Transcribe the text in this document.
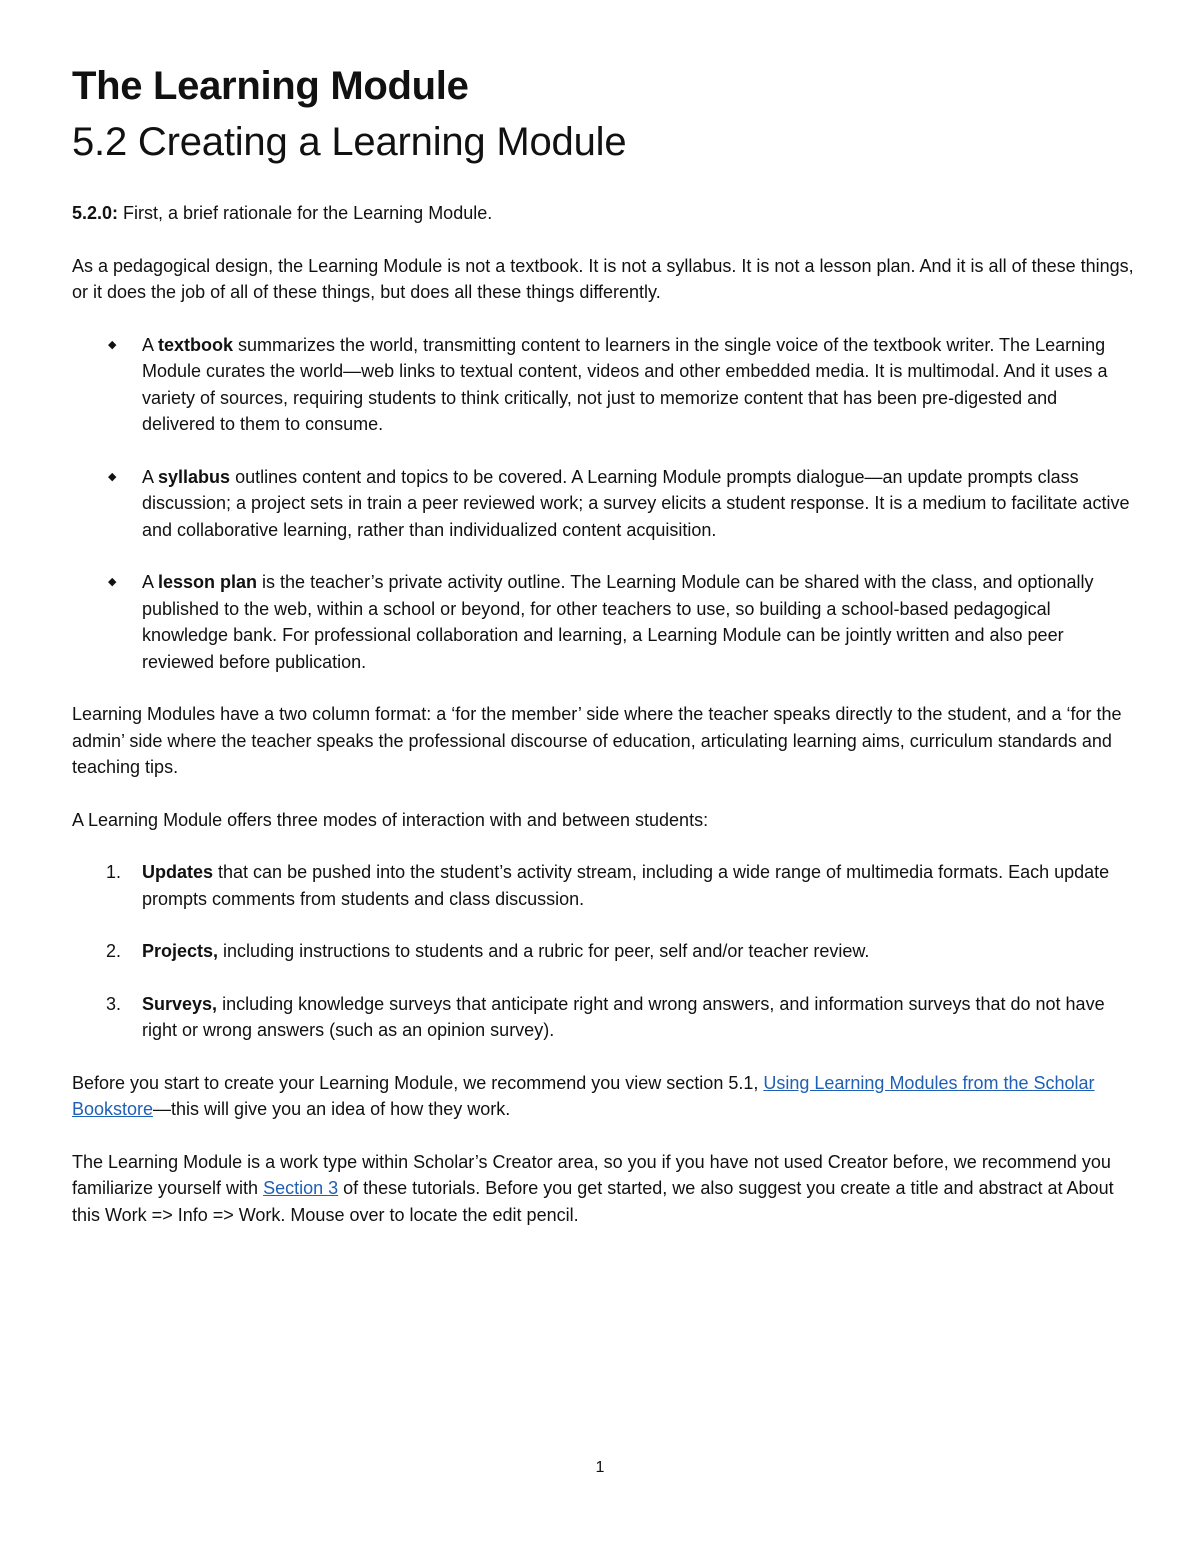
The Learning Module
5.2 Creating a Learning Module

5.2.0: First, a brief rationale for the Learning Module.

As a pedagogical design, the Learning Module is not a textbook. It is not a syllabus. It is not a lesson plan. And it is all of these things, or it does the job of all of these things, but does all these things differently.

◆ A textbook summarizes the world, transmitting content to learners in the single voice of the textbook writer. The Learning Module curates the world—web links to textual content, videos and other embedded media. It is multimodal. And it uses a variety of sources, requiring students to think critically, not just to memorize content that has been pre-digested and delivered to them to consume.
◆ A syllabus outlines content and topics to be covered. A Learning Module prompts dialogue—an update prompts class discussion; a project sets in train a peer reviewed work; a survey elicits a student response. It is a medium to facilitate active and collaborative learning, rather than individualized content acquisition.
◆ A lesson plan is the teacher’s private activity outline. The Learning Module can be shared with the class, and optionally published to the web, within a school or beyond, for other teachers to use, so building a school-based pedagogical knowledge bank. For professional collaboration and learning, a Learning Module can be jointly written and also peer reviewed before publication.

Learning Modules have a two column format: a ‘for the member’ side where the teacher speaks directly to the student, and a ‘for the admin’ side where the teacher speaks the professional discourse of education, articulating learning aims, curriculum standards and teaching tips.

A Learning Module offers three modes of interaction with and between students:

1. Updates that can be pushed into the student’s activity stream, including a wide range of multimedia formats. Each update prompts comments from students and class discussion.
2. Projects, including instructions to students and a rubric for peer, self and/or teacher review.
3. Surveys, including knowledge surveys that anticipate right and wrong answers, and information surveys that do not have right or wrong answers (such as an opinion survey).

Before you start to create your Learning Module, we recommend you view section 5.1, Using Learning Modules from the Scholar Bookstore—this will give you an idea of how they work.

The Learning Module is a work type within Scholar’s Creator area, so you if you have not used Creator before, we recommend you familiarize yourself with Section 3 of these tutorials. Before you get started, we also suggest you create a title and abstract at About this Work => Info => Work. Mouse over to locate the edit pencil.

1
